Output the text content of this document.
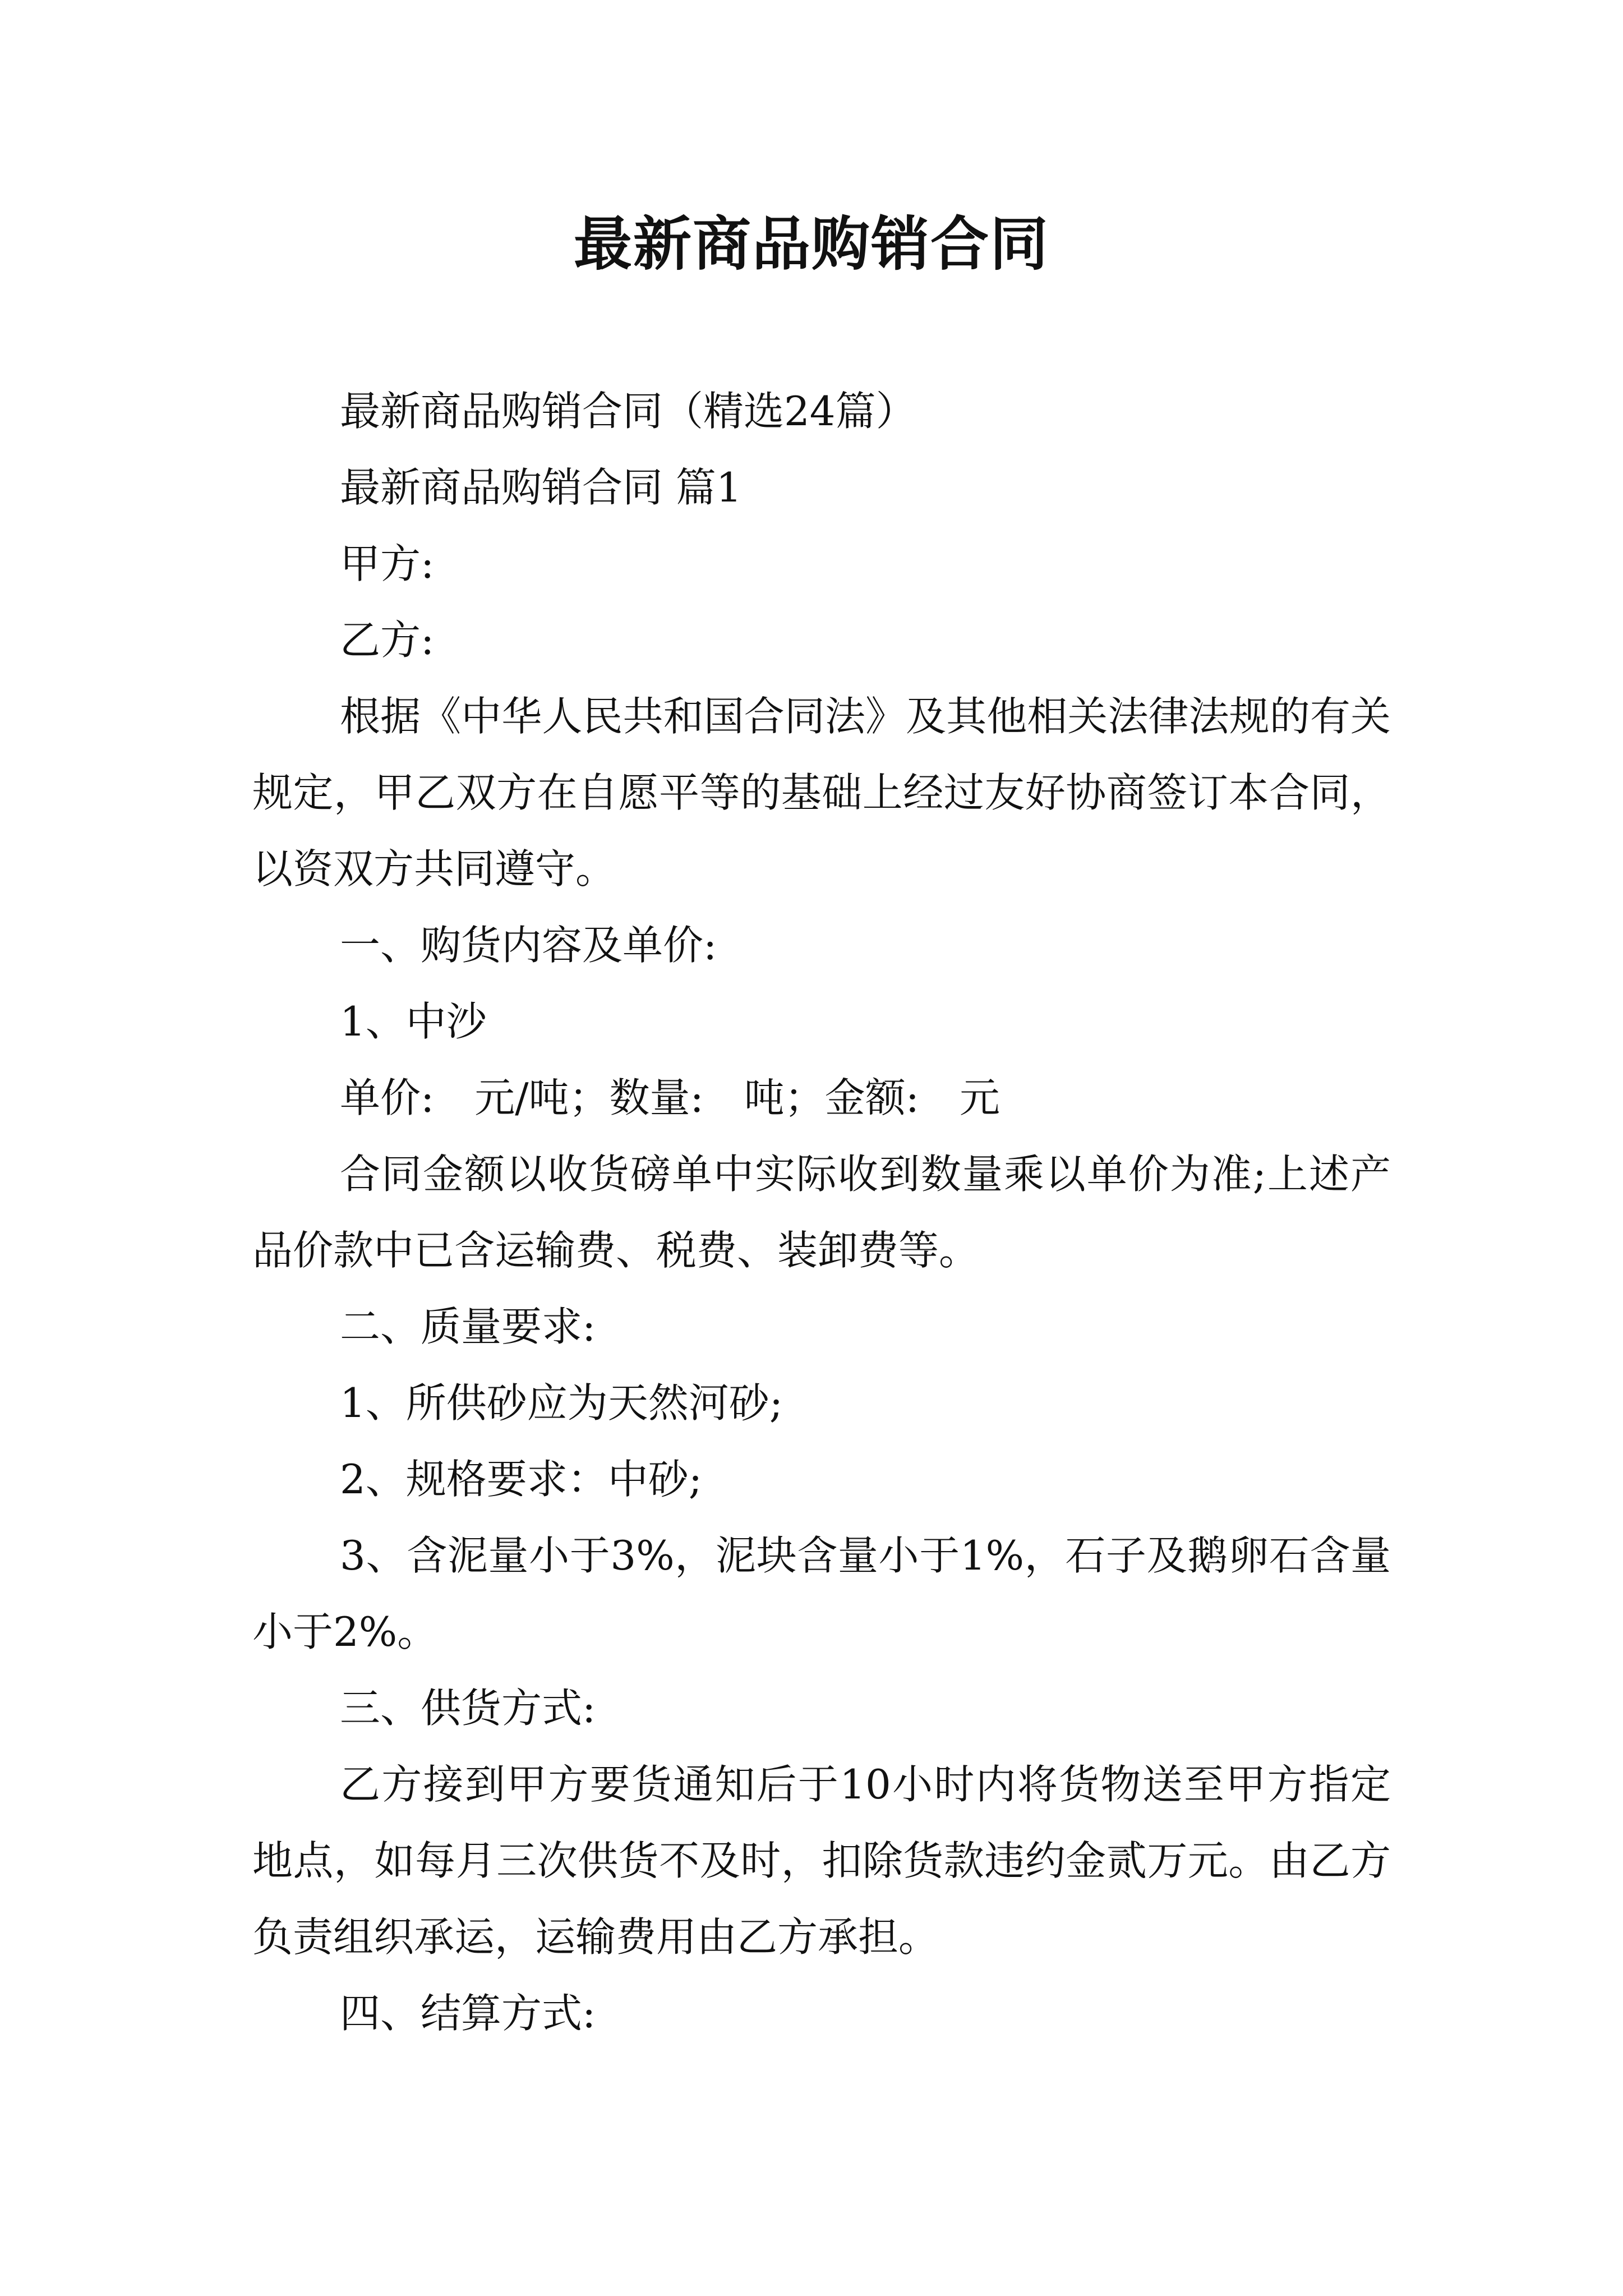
最新商品购销合同

最新商品购销合同（精选24篇）

最新商品购销合同 篇1

甲方:

乙方:

根据《中华人民共和国合同法》及其他相关法律法规的有关规定，甲乙双方在自愿平等的基础上经过友好协商签订本合同，以资双方共同遵守。

一、购货内容及单价:

1、中沙

单价:　元/吨；数量:　吨；金额:　元

合同金额以收货磅单中实际收到数量乘以单价为准;上述产品价款中已含运输费、税费、装卸费等。

二、质量要求:

1、所供砂应为天然河砂;

2、规格要求：中砂;

3、含泥量小于3%，泥块含量小于1%，石子及鹅卵石含量小于2%。

三、供货方式:

乙方接到甲方要货通知后于10小时内将货物送至甲方指定地点，如每月三次供货不及时，扣除货款违约金贰万元。由乙方负责组织承运，运输费用由乙方承担。

四、结算方式:
